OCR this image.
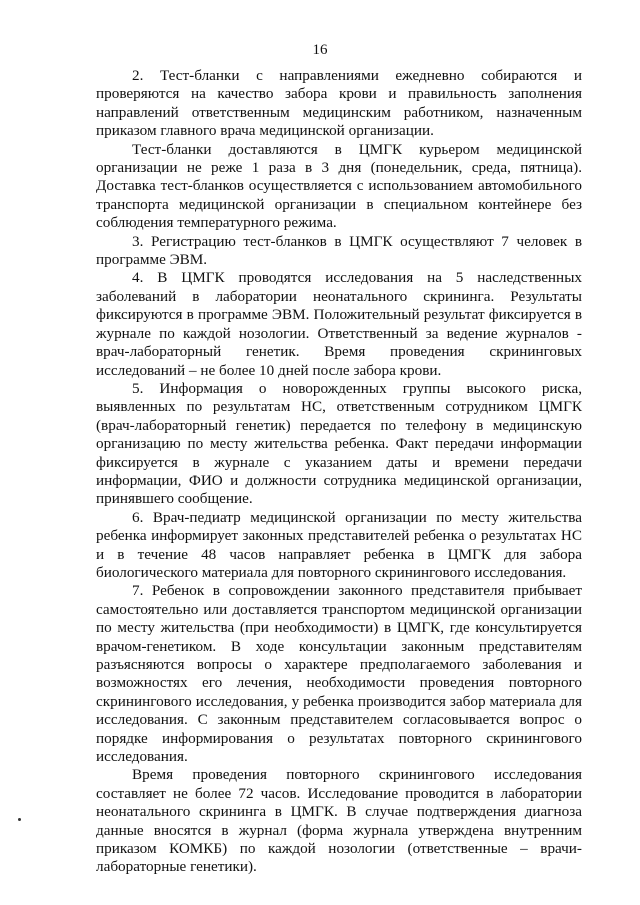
16

2. Тест-бланки с направлениями ежедневно собираются и проверяются на качество забора крови и правильность заполнения направлений ответственным медицинским работником, назначенным приказом главного врача медицинской организации.

Тест-бланки доставляются в ЦМГК курьером медицинской организации не реже 1 раза в 3 дня (понедельник, среда, пятница). Доставка тест-бланков осуществляется с использованием автомобильного транспорта медицинской организации в специальном контейнере без соблюдения температурного режима.

3. Регистрацию тест-бланков в ЦМГК осуществляют 7 человек в программе ЭВМ.

4. В ЦМГК проводятся исследования на 5 наследственных заболеваний в лаборатории неонатального скрининга. Результаты фиксируются в программе ЭВМ. Положительный результат фиксируется в журнале по каждой нозологии. Ответственный за ведение журналов - врач-лабораторный генетик. Время проведения скрининговых исследований – не более 10 дней после забора крови.

5. Информация о новорожденных группы высокого риска, выявленных по результатам НС, ответственным сотрудником ЦМГК (врач-лабораторный генетик) передается по телефону в медицинскую организацию по месту жительства ребенка. Факт передачи информации фиксируется в журнале с указанием даты и времени передачи информации, ФИО и должности сотрудника медицинской организации, принявшего сообщение.

6. Врач-педиатр медицинской организации по месту жительства ребенка информирует законных представителей ребенка о результатах НС и в течение 48 часов направляет ребенка в ЦМГК для забора биологического материала для повторного скринингового исследования.

7. Ребенок в сопровождении законного представителя прибывает самостоятельно или доставляется транспортом медицинской организации по месту жительства (при необходимости) в ЦМГК, где консультируется врачом-генетиком. В ходе консультации законным представителям разъясняются вопросы о характере предполагаемого заболевания и возможностях его лечения, необходимости проведения повторного скринингового исследования, у ребенка производится забор материала для исследования. С законным представителем согласовывается вопрос о порядке информирования о результатах повторного скринингового исследования.

Время проведения повторного скринингового исследования составляет не более 72 часов. Исследование проводится в лаборатории неонатального скрининга в ЦМГК. В случае подтверждения диагноза данные вносятся в журнал (форма журнала утверждена внутренним приказом КОМКБ) по каждой нозологии (ответственные – врачи-лабораторные генетики).
